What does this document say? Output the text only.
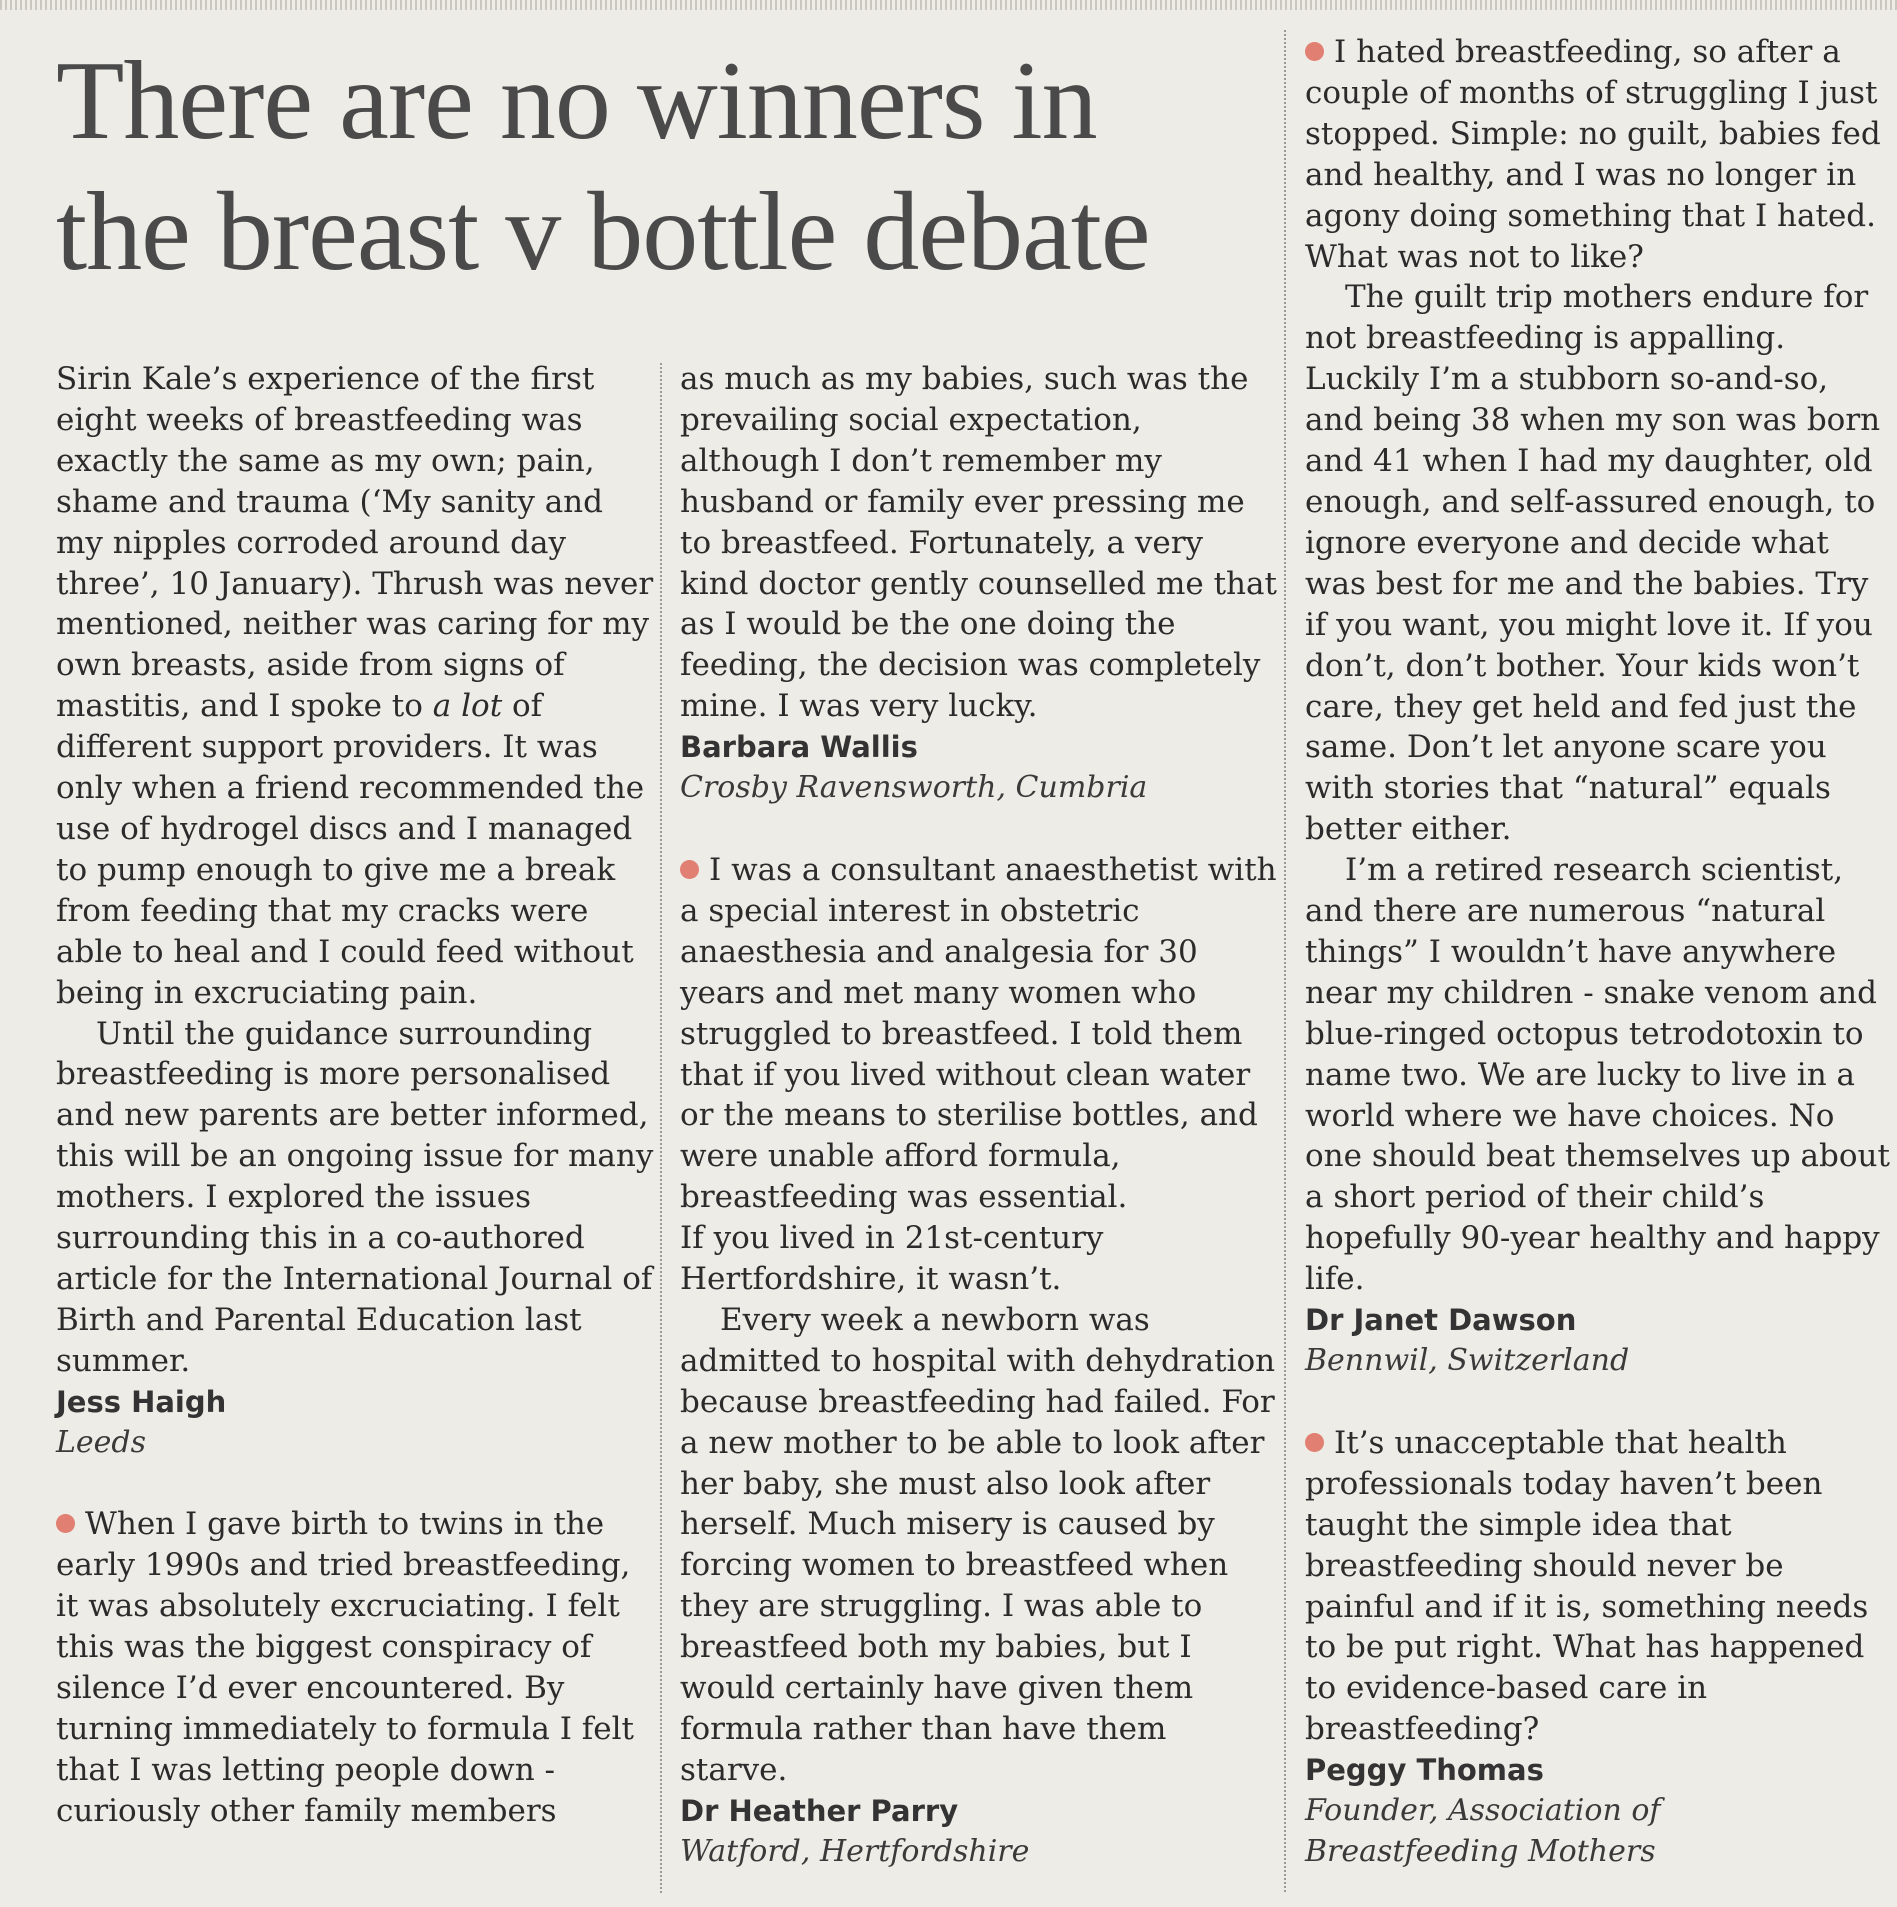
There are no winners in
the breast v bottle debate

Sirin Kale’s experience of the first eight weeks of breastfeeding was exactly the same as my own; pain, shame and trauma (‘My sanity and my nipples corroded around day three’, 10 January). Thrush was never mentioned, neither was caring for my own breasts, aside from signs of mastitis, and I spoke to a lot of different support providers. It was only when a friend recommended the use of hydrogel discs and I managed to pump enough to give me a break from feeding that my cracks were able to heal and I could feed without being in excruciating pain.

Until the guidance surrounding breastfeeding is more personalised and new parents are better informed, this will be an ongoing issue for many mothers. I explored the issues surrounding this in a co-authored article for the International Journal of Birth and Parental Education last summer.

Jess Haigh
Leeds

When I gave birth to twins in the early 1990s and tried breastfeeding, it was absolutely excruciating. I felt this was the biggest conspiracy of silence I’d ever encountered. By turning immediately to formula I felt that I was letting people down - curiously other family members

as much as my babies, such was the prevailing social expectation, although I don’t remember my husband or family ever pressing me to breastfeed. Fortunately, a very kind doctor gently counselled me that as I would be the one doing the feeding, the decision was completely mine. I was very lucky.

Barbara Wallis
Crosby Ravensworth, Cumbria

I was a consultant anaesthetist with a special interest in obstetric anaesthesia and analgesia for 30 years and met many women who struggled to breastfeed. I told them that if you lived without clean water or the means to sterilise bottles, and were unable afford formula, breastfeeding was essential.
If you lived in 21st-century Hertfordshire, it wasn’t.

Every week a newborn was admitted to hospital with dehydration because breastfeeding had failed. For a new mother to be able to look after her baby, she must also look after herself. Much misery is caused by forcing women to breastfeed when they are struggling. I was able to breastfeed both my babies, but I would certainly have given them formula rather than have them starve.

Dr Heather Parry
Watford, Hertfordshire

I hated breastfeeding, so after a couple of months of struggling I just stopped. Simple: no guilt, babies fed and healthy, and I was no longer in agony doing something that I hated. What was not to like?

The guilt trip mothers endure for not breastfeeding is appalling. Luckily I’m a stubborn so-and-so, and being 38 when my son was born and 41 when I had my daughter, old enough, and self-assured enough, to ignore everyone and decide what was best for me and the babies. Try if you want, you might love it. If you don’t, don’t bother. Your kids won’t care, they get held and fed just the same. Don’t let anyone scare you with stories that “natural” equals better either.

I’m a retired research scientist, and there are numerous “natural things” I wouldn’t have anywhere near my children - snake venom and blue-ringed octopus tetrodotoxin to name two. We are lucky to live in a world where we have choices. No one should beat themselves up about a short period of their child’s hopefully 90-year healthy and happy life.

Dr Janet Dawson
Bennwil, Switzerland

It’s unacceptable that health professionals today haven’t been taught the simple idea that breastfeeding should never be painful and if it is, something needs to be put right. What has happened to evidence-based care in breastfeeding?

Peggy Thomas
Founder, Association of
Breastfeeding Mothers
